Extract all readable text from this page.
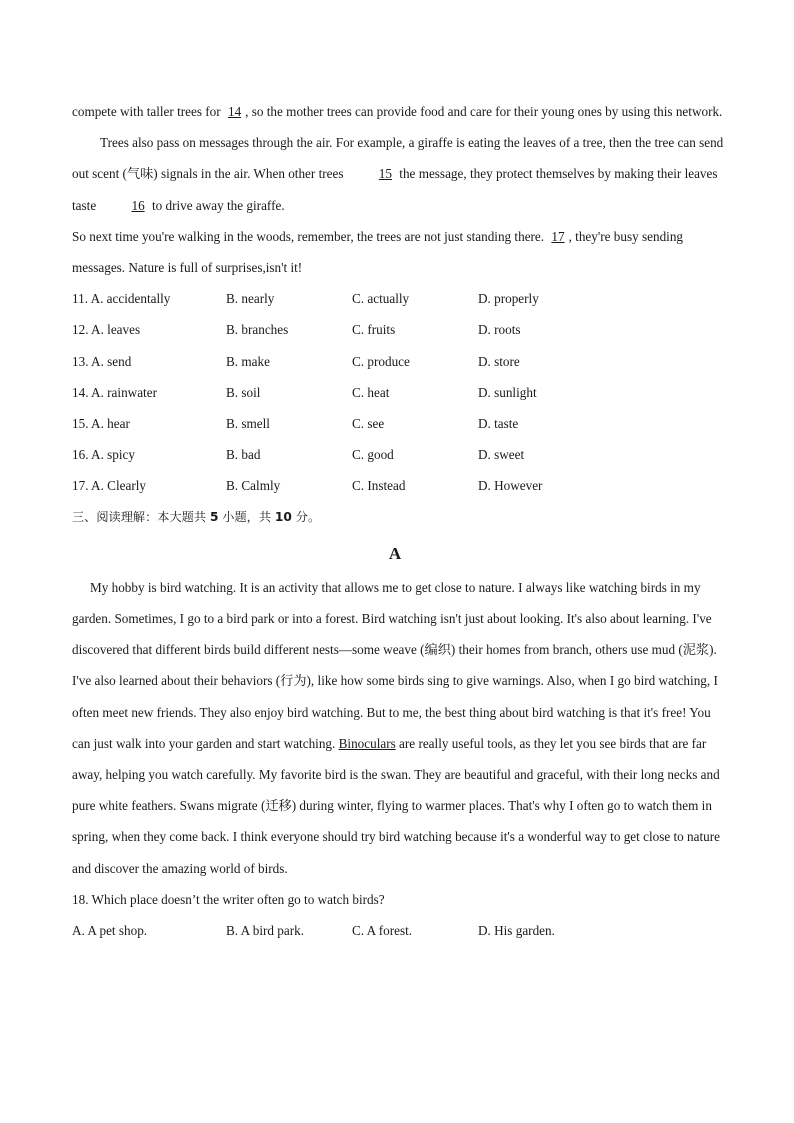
compete with taller trees for 14 , so the mother trees can provide food and care for their young ones by using this network.

Trees also pass on messages through the air. For example, a giraffe is eating the leaves of a tree, then the tree can send out scent (气味) signals in the air. When other trees 15 the message, they protect themselves by making their leaves taste 16 to drive away the giraffe.

So next time you're walking in the woods, remember, the trees are not just standing there. 17 , they're busy sending messages. Nature is full of surprises,isn't it!

11. A. accidentally	B. nearly	C. actually	D. properly
12. A. leaves	B. branches	C. fruits	D. roots
13. A. send	B. make	C. produce	D. store
14. A. rainwater	B. soil	C. heat	D. sunlight
15. A. hear	B. smell	C. see	D. taste
16. A. spicy	B. bad	C. good	D. sweet
17. A. Clearly	B. Calmly	C. Instead	D. However
三、阅读理解：本大题共 5 小题，共 10 分。
A

My hobby is bird watching. It is an activity that allows me to get close to nature. I always like watching birds in my garden. Sometimes, I go to a bird park or into a forest. Bird watching isn't just about looking. It's also about learning. I've discovered that different birds build different nests—some weave (编织) their homes from branch, others use mud (泥浆). I've also learned about their behaviors (行为), like how some birds sing to give warnings. Also, when I go bird watching, I often meet new friends. They also enjoy bird watching. But to me, the best thing about bird watching is that it's free! You can just walk into your garden and start watching. Binoculars are really useful tools, as they let you see birds that are far away, helping you watch carefully. My favorite bird is the swan. They are beautiful and graceful, with their long necks and pure white feathers. Swans migrate (迁移) during winter, flying to warmer places. That's why I often go to watch them in spring, when they come back. I think everyone should try bird watching because it's a wonderful way to get close to nature and discover the amazing world of birds.

18. Which place doesn’t the writer often go to watch birds?

A. A pet shop.	B. A bird park.	C. A forest.	D. His garden.
